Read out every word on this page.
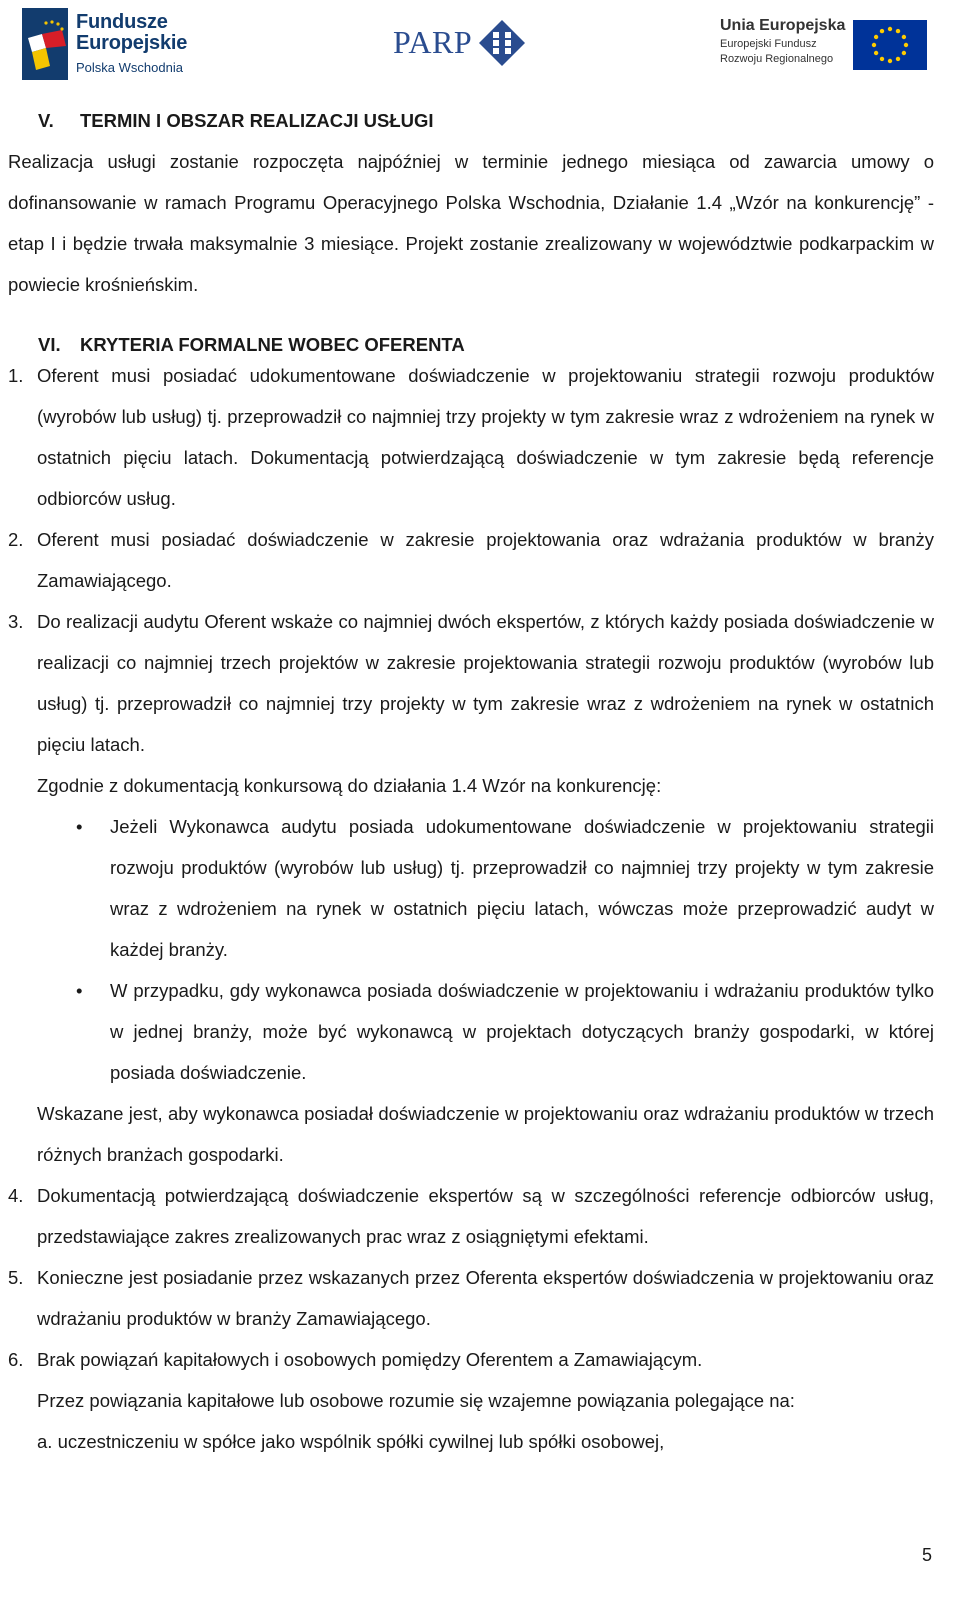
Fundusze
Europejskie
Polska Wschodnia
PARP	Unia Europejska
Europejski Fundusz
Rozwoju Regionalnego

V. TERMIN I OBSZAR REALIZACJI USŁUGI

Realizacja usługi zostanie rozpoczęta najpóźniej w terminie jednego miesiąca od zawarcia umowy o dofinansowanie w ramach Programu Operacyjnego Polska Wschodnia, Działanie 1.4 „Wzór na konkurencję” - etap I i będzie trwała maksymalnie 3 miesiące. Projekt zostanie zrealizowany w województwie podkarpackim w powiecie krośnieńskim.

VI. KRYTERIA FORMALNE WOBEC OFERENTA

1. Oferent musi posiadać udokumentowane doświadczenie w projektowaniu strategii rozwoju produktów (wyrobów lub usług) tj. przeprowadził co najmniej trzy projekty w tym zakresie wraz z wdrożeniem na rynek w ostatnich pięciu latach. Dokumentacją potwierdzającą doświadczenie w tym zakresie będą referencje odbiorców usług.
2. Oferent musi posiadać doświadczenie w zakresie projektowania oraz wdrażania produktów w branży Zamawiającego.
3. Do realizacji audytu Oferent wskaże co najmniej dwóch ekspertów, z których każdy posiada doświadczenie w realizacji co najmniej trzech projektów w zakresie projektowania strategii rozwoju produktów (wyrobów lub usług) tj. przeprowadził co najmniej trzy projekty w tym zakresie wraz z wdrożeniem na rynek w ostatnich pięciu latach.

Zgodnie z dokumentacją konkursową do działania 1.4 Wzór na konkurencję:

• Jeżeli Wykonawca audytu posiada udokumentowane doświadczenie w projektowaniu strategii rozwoju produktów (wyrobów lub usług) tj. przeprowadził co najmniej trzy projekty w tym zakresie wraz z wdrożeniem na rynek w ostatnich pięciu latach, wówczas może przeprowadzić audyt w każdej branży.
• W przypadku, gdy wykonawca posiada doświadczenie w projektowaniu i wdrażaniu produktów tylko w jednej branży, może być wykonawcą w projektach dotyczących branży gospodarki, w której posiada doświadczenie.

Wskazane jest, aby wykonawca posiadał doświadczenie w projektowaniu oraz wdrażaniu produktów w trzech różnych branżach gospodarki.

4. Dokumentacją potwierdzającą doświadczenie ekspertów są w szczególności referencje odbiorców usług, przedstawiające zakres zrealizowanych prac wraz z osiągniętymi efektami.
5. Konieczne jest posiadanie przez wskazanych przez Oferenta ekspertów doświadczenia w projektowaniu oraz wdrażaniu produktów w branży Zamawiającego.
6. Brak powiązań kapitałowych i osobowych pomiędzy Oferentem a Zamawiającym.

Przez powiązania kapitałowe lub osobowe rozumie się wzajemne powiązania polegające na:

a. uczestniczeniu w spółce jako wspólnik spółki cywilnej lub spółki osobowej,

5
